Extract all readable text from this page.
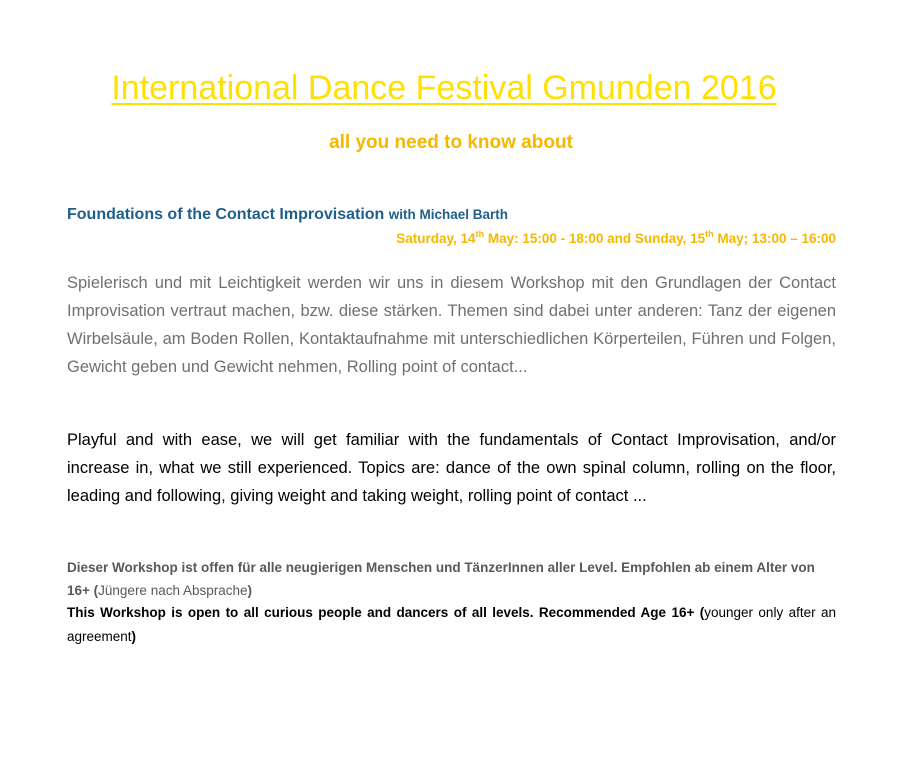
International Dance Festival Gmunden 2016
all you need to know about
Foundations of the Contact Improvisation with Michael Barth
Saturday, 14th May: 15:00 - 18:00 and Sunday, 15th May; 13:00 – 16:00

Spielerisch und mit Leichtigkeit werden wir uns in diesem Workshop mit den Grundlagen der Contact Improvisation vertraut machen, bzw. diese stärken. Themen sind dabei unter anderen: Tanz der eigenen Wirbelsäule, am Boden Rollen, Kontaktaufnahme mit unterschiedlichen Körperteilen, Führen und Folgen, Gewicht geben und Gewicht nehmen, Rolling point of contact...

Playful and with ease, we will get familiar with the fundamentals of Contact Improvisation, and/or increase in, what we still experienced. Topics are: dance of the own spinal column, rolling on the floor, leading and following, giving weight and taking weight, rolling point of contact ...

Dieser Workshop ist offen für alle neugierigen Menschen und TänzerInnen aller Level. Empfohlen ab einem Alter von 16+ (Jüngere nach Absprache)

This Workshop is open to all curious people and dancers of all levels. Recommended Age 16+ (younger only after an agreement)
